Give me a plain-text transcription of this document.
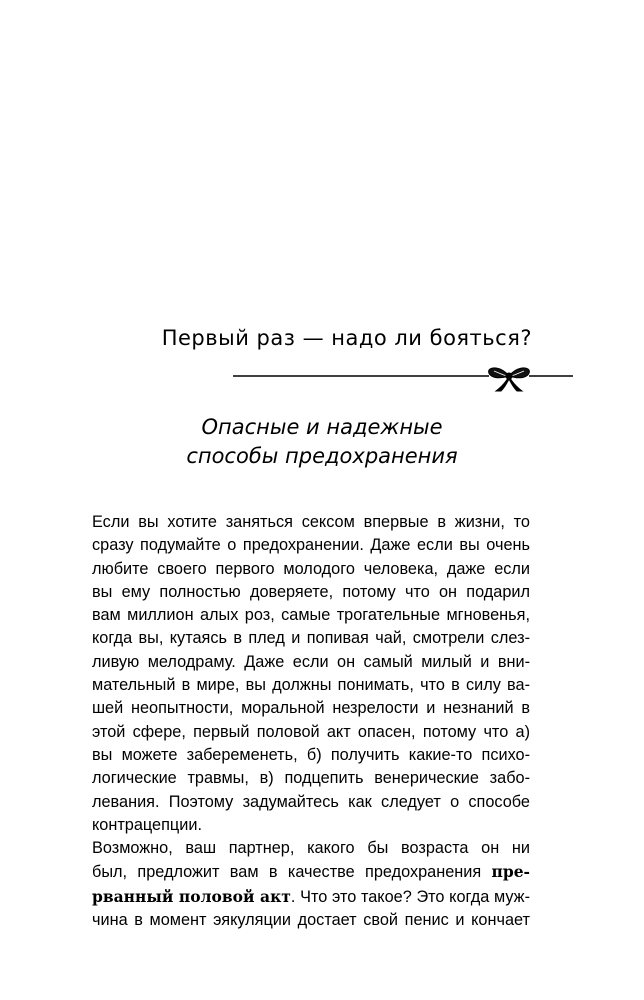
Первый раз — надо ли бояться?
Опасные и надежные
способы предохранения

Если вы хотите заняться сексом впервые в жизни, то
сразу подумайте о предохранении. Даже если вы очень
любите своего первого молодого человека, даже если
вы ему полностью доверяете, потому что он подарил
вам миллион алых роз, самые трогательные мгновенья,
когда вы, кутаясь в плед и попивая чай, смотрели слез-
ливую мелодраму. Даже если он самый милый и вни-
мательный в мире, вы должны понимать, что в силу ва-
шей неопытности, моральной незрелости и незнаний в
этой сфере, первый половой акт опасен, потому что а)
вы можете забеременеть, б) получить какие-то психо-
логические травмы, в) подцепить венерические забо-
левания. Поэтому задумайтесь как следует о способе
контрацепции.

Возможно, ваш партнер, какого бы возраста он ни
был, предложит вам в качестве предохранения пре-
рванный половой акт. Что это такое? Это когда муж-
чина в момент эякуляции достает свой пенис и кончает
